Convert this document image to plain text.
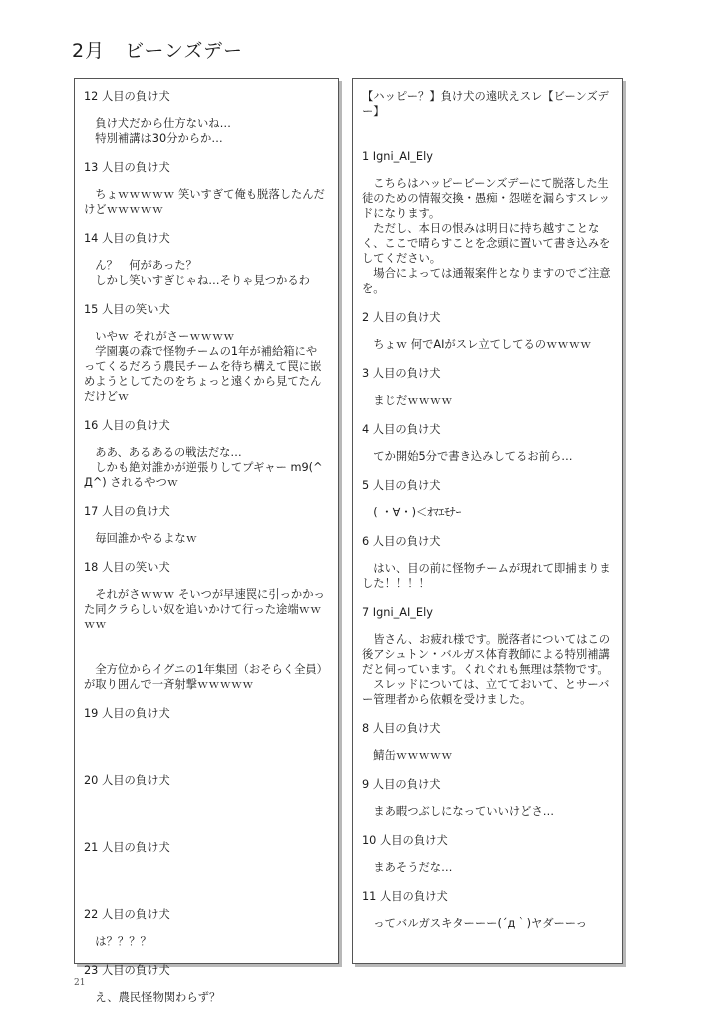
2月　ビーンズデー
12 人目の負け犬
　負け犬だから仕方ないね…
　特別補講は30分からか…
13 人目の負け犬
　ちょｗｗｗｗｗ 笑いすぎて俺も脱落したんだけどｗｗｗｗｗ
14 人目の負け犬
　ん？　何があった？
　しかし笑いすぎじゃね…そりゃ見つかるわ
15 人目の笑い犬
　いやｗ それがさーｗｗｗｗ
　学園裏の森で怪物チームの1年が補給箱にやってくるだろう農民チームを待ち構えて罠に嵌めようとしてたのをちょっと遠くから見てたんだけどｗ
16 人目の負け犬
　ああ、あるあるの戦法だな…
　しかも絶対誰かが逆張りしてプギャー m9(^Д^) されるやつｗ
17 人目の負け犬
　毎回誰かやるよなｗ
18 人目の笑い犬
　それがさｗｗｗ そいつが早速罠に引っかかった同クラらしい奴を追いかけて行った途端ｗｗｗｗ

　全方位からイグニの1年集団（おそらく全員）が取り囲んで一斉射撃ｗｗｗｗｗ
19 人目の負け犬
20 人目の負け犬
21 人目の負け犬
22 人目の負け犬
　は？？？？
23 人目の負け犬
　え、農民怪物関わらず？
【ハッピー？】負け犬の遠吠えスレ【ビーンズデー】
1 Igni_AI_Ely
　こちらはハッピービーンズデーにて脱落した生徒のための情報交換・愚痴・怨嗟を漏らすスレッドになります。
　ただし、本日の恨みは明日に持ち越すことなく、ここで晴らすことを念頭に置いて書き込みをしてください。
　場合によっては通報案件となりますのでご注意を。
2 人目の負け犬
　ちょｗ 何でAIがスレ立てしてるのｗｗｗｗ
3 人目の負け犬
　まじだｗｗｗｗ
4 人目の負け犬
　てか開始5分で書き込みしてるお前ら…
5 人目の負け犬
　( ・∀・)＜ｵﾏｴﾓﾅｰ
6 人目の負け犬
　はい、目の前に怪物チームが現れて即捕まりました！！！！
7 Igni_AI_Ely
　皆さん、お疲れ様です。脱落者についてはこの後アシュトン・バルガス体育教師による特別補講だと伺っています。くれぐれも無理は禁物です。
　スレッドについては、立てておいて、とサーバー管理者から依頼を受けました。
8 人目の負け犬
　鯖缶ｗｗｗｗｗ
9 人目の負け犬
　まあ暇つぶしになっていいけどさ…
10 人目の負け犬
　まあそうだな…
11 人目の負け犬
　ってバルガスキターーー(´д｀)ヤダーーっ
21
